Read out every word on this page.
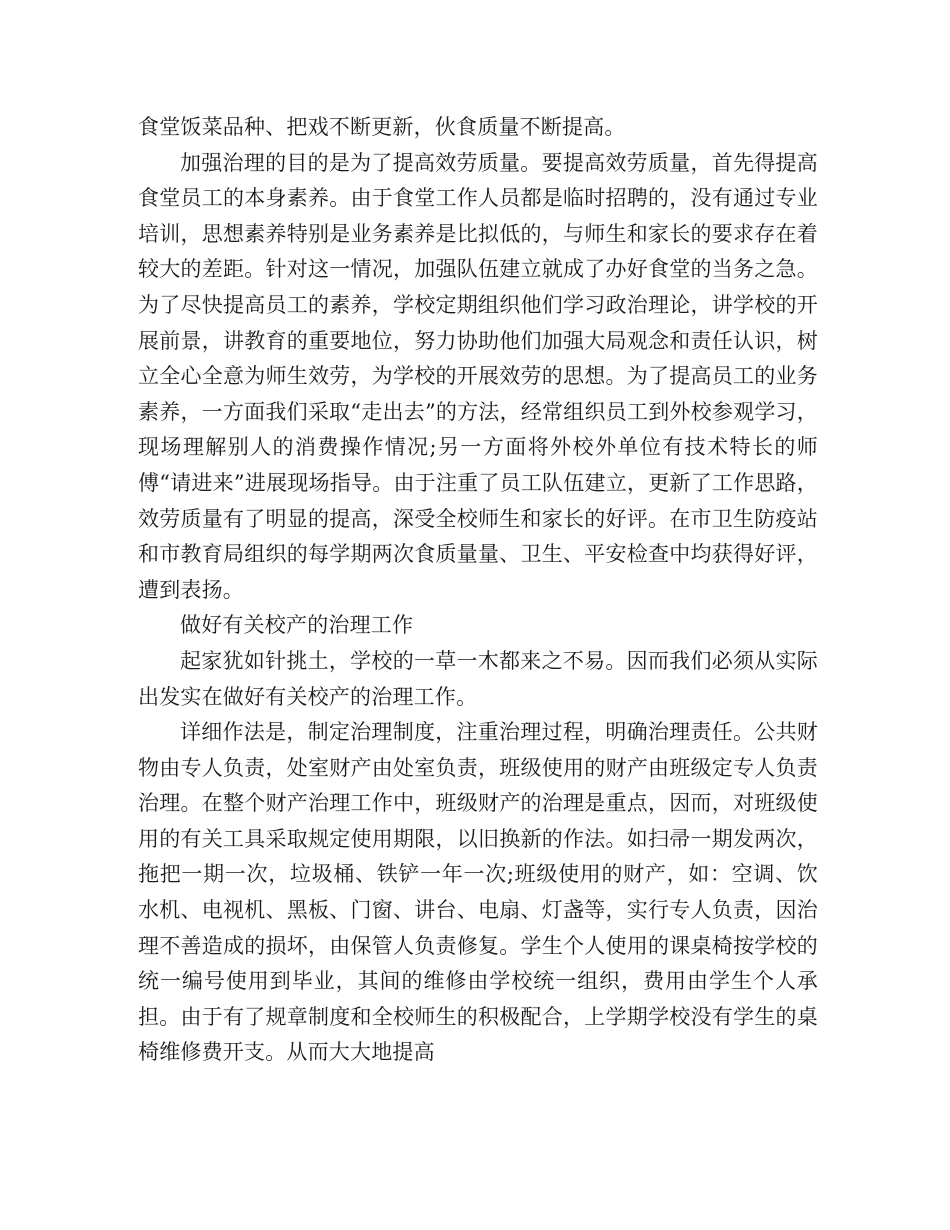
食堂饭菜品种、把戏不断更新，伙食质量不断提高。

加强治理的目的是为了提高效劳质量。要提高效劳质量，首先得提高食堂员工的本身素养。由于食堂工作人员都是临时招聘的，没有通过专业培训，思想素养特别是业务素养是比拟低的，与师生和家长的要求存在着较大的差距。针对这一情况，加强队伍建立就成了办好食堂的当务之急。为了尽快提高员工的素养，学校定期组织他们学习政治理论，讲学校的开展前景，讲教育的重要地位，努力协助他们加强大局观念和责任认识，树立全心全意为师生效劳，为学校的开展效劳的思想。为了提高员工的业务素养，一方面我们采取“走出去”的方法，经常组织员工到外校参观学习，现场理解别人的消费操作情况;另一方面将外校外单位有技术特长的师傅“请进来”进展现场指导。由于注重了员工队伍建立，更新了工作思路，效劳质量有了明显的提高，深受全校师生和家长的好评。在市卫生防疫站和市教育局组织的每学期两次食质量量、卫生、平安检查中均获得好评，遭到表扬。

做好有关校产的治理工作

起家犹如针挑土，学校的一草一木都来之不易。因而我们必须从实际出发实在做好有关校产的治理工作。

详细作法是，制定治理制度，注重治理过程，明确治理责任。公共财物由专人负责，处室财产由处室负责，班级使用的财产由班级定专人负责治理。在整个财产治理工作中，班级财产的治理是重点，因而，对班级使用的有关工具采取规定使用期限，以旧换新的作法。如扫帚一期发两次，拖把一期一次，垃圾桶、铁铲一年一次;班级使用的财产，如：空调、饮水机、电视机、黑板、门窗、讲台、电扇、灯盏等，实行专人负责，因治理不善造成的损坏，由保管人负责修复。学生个人使用的课桌椅按学校的统一编号使用到毕业，其间的维修由学校统一组织，费用由学生个人承担。由于有了规章制度和全校师生的积极配合，上学期学校没有学生的桌椅维修费开支。从而大大地提高
